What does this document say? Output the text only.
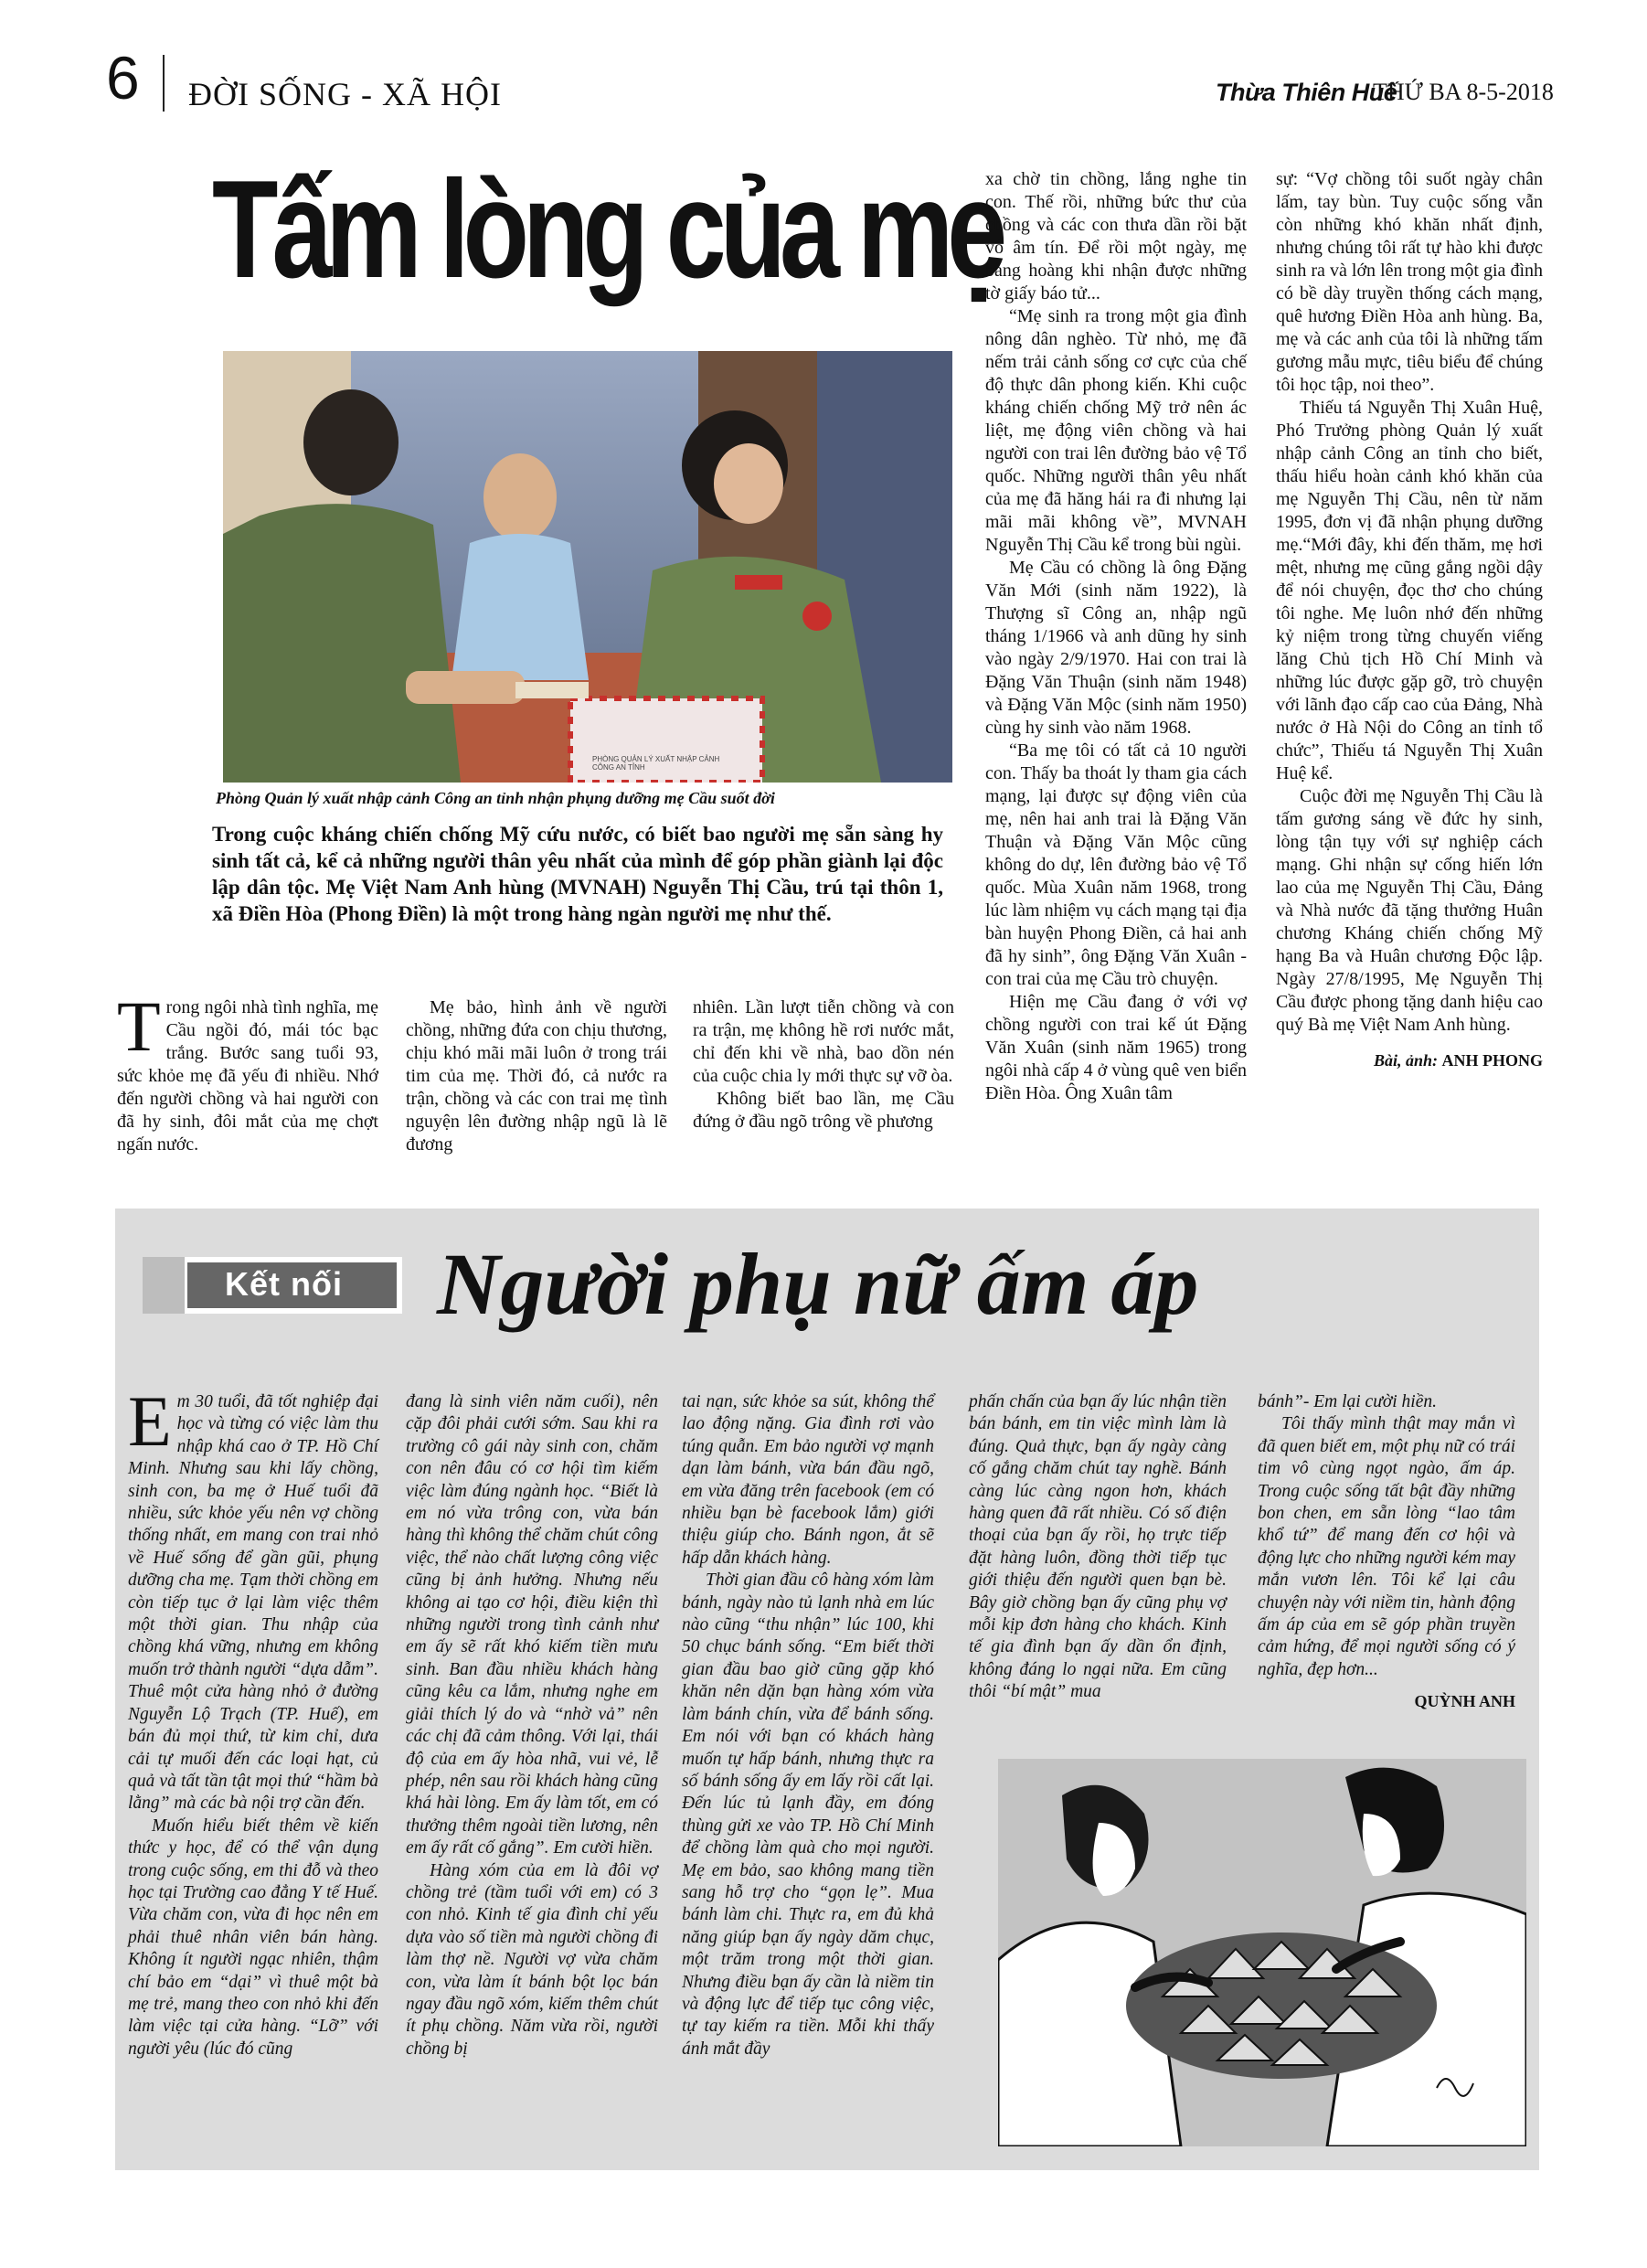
6 ĐỜI SỐNG - XÃ HỘI	Thừa Thiên Huế
THỨ BA 8-5-2018
Tấm lòng của mẹ
PHÒNG QUẢN LÝ XUẤT NHẬP CẢNH CÔNG AN TỈNH
Phòng Quản lý xuất nhập cảnh Công an tỉnh nhận phụng dưỡng mẹ Cầu suốt đời
Trong cuộc kháng chiến chống Mỹ cứu nước, có biết bao người mẹ sẵn sàng hy sinh tất cả, kể cả những người thân yêu nhất của mình để góp phần giành lại độc lập dân tộc. Mẹ Việt Nam Anh hùng (MVNAH) Nguyễn Thị Cầu, trú tại thôn 1, xã Điền Hòa (Phong Điền) là một trong hàng ngàn người mẹ như thế.

Trong ngôi nhà tình nghĩa, mẹ Cầu ngồi đó, mái tóc bạc trắng. Bước sang tuổi 93, sức khỏe mẹ đã yếu đi nhiều. Nhớ đến người chồng và hai người con đã hy sinh, đôi mắt của mẹ chợt ngấn nước.

Mẹ bảo, hình ảnh về người chồng, những đứa con chịu thương, chịu khó mãi mãi luôn ở trong trái tim của mẹ. Thời đó, cả nước ra trận, chồng và các con trai mẹ tình nguyện lên đường nhập ngũ là lẽ đương

nhiên. Lần lượt tiễn chồng và con ra trận, mẹ không hề rơi nước mắt, chỉ đến khi về nhà, bao dồn nén của cuộc chia ly mới thực sự vỡ òa.

Không biết bao lần, mẹ Cầu đứng ở đầu ngõ trông về phương

xa chờ tin chồng, lắng nghe tin con. Thế rồi, những bức thư của chồng và các con thưa dần rồi bặt vô âm tín. Để rồi một ngày, mẹ bàng hoàng khi nhận được những tờ giấy báo tử...

“Mẹ sinh ra trong một gia đình nông dân nghèo. Từ nhỏ, mẹ đã nếm trải cảnh sống cơ cực của chế độ thực dân phong kiến. Khi cuộc kháng chiến chống Mỹ trở nên ác liệt, mẹ động viên chồng và hai người con trai lên đường bảo vệ Tổ quốc. Những người thân yêu nhất của mẹ đã hăng hái ra đi nhưng lại mãi mãi không về”, MVNAH Nguyễn Thị Cầu kể trong bùi ngùi.

Mẹ Cầu có chồng là ông Đặng Văn Mới (sinh năm 1922), là Thượng sĩ Công an, nhập ngũ tháng 1/1966 và anh dũng hy sinh vào ngày 2/9/1970. Hai con trai là Đặng Văn Thuận (sinh năm 1948) và Đặng Văn Mộc (sinh năm 1950) cùng hy sinh vào năm 1968.

“Ba mẹ tôi có tất cả 10 người con. Thấy ba thoát ly tham gia cách mạng, lại được sự động viên của mẹ, nên hai anh trai là Đặng Văn Thuận và Đặng Văn Mộc cũng không do dự, lên đường bảo vệ Tổ quốc. Mùa Xuân năm 1968, trong lúc làm nhiệm vụ cách mạng tại địa bàn huyện Phong Điền, cả hai anh đã hy sinh”, ông Đặng Văn Xuân - con trai của mẹ Cầu trò chuyện.

Hiện mẹ Cầu đang ở với vợ chồng người con trai kế út Đặng Văn Xuân (sinh năm 1965) trong ngôi nhà cấp 4 ở vùng quê ven biển Điền Hòa. Ông Xuân tâm

sự: “Vợ chồng tôi suốt ngày chân lấm, tay bùn. Tuy cuộc sống vẫn còn những khó khăn nhất định, nhưng chúng tôi rất tự hào khi được sinh ra và lớn lên trong một gia đình có bề dày truyền thống cách mạng, quê hương Điền Hòa anh hùng. Ba, mẹ và các anh của tôi là những tấm gương mẫu mực, tiêu biểu để chúng tôi học tập, noi theo”.

Thiếu tá Nguyễn Thị Xuân Huệ, Phó Trưởng phòng Quản lý xuất nhập cảnh Công an tỉnh cho biết, thấu hiểu hoàn cảnh khó khăn của mẹ Nguyễn Thị Cầu, nên từ năm 1995, đơn vị đã nhận phụng dưỡng mẹ.“Mới đây, khi đến thăm, mẹ hơi mệt, nhưng mẹ cũng gắng ngồi dậy để nói chuyện, đọc thơ cho chúng tôi nghe. Mẹ luôn nhớ đến những kỷ niệm trong từng chuyến viếng lăng Chủ tịch Hồ Chí Minh và những lúc được gặp gỡ, trò chuyện với lãnh đạo cấp cao của Đảng, Nhà nước ở Hà Nội do Công an tỉnh tổ chức”, Thiếu tá Nguyễn Thị Xuân Huệ kể.

Cuộc đời mẹ Nguyễn Thị Cầu là tấm gương sáng về đức hy sinh, lòng tận tụy với sự nghiệp cách mạng. Ghi nhận sự cống hiến lớn lao của mẹ Nguyễn Thị Cầu, Đảng và Nhà nước đã tặng thưởng Huân chương Kháng chiến chống Mỹ hạng Ba và Huân chương Độc lập. Ngày 27/8/1995, Mẹ Nguyễn Thị Cầu được phong tặng danh hiệu cao quý Bà mẹ Việt Nam Anh hùng.

Bài, ảnh: ANH PHONG
Kết nối Người phụ nữ ấm áp

Em 30 tuổi, đã tốt nghiệp đại học và từng có việc làm thu nhập khá cao ở TP. Hồ Chí Minh. Nhưng sau khi lấy chồng, sinh con, ba mẹ ở Huế tuổi đã nhiều, sức khỏe yếu nên vợ chồng thống nhất, em mang con trai nhỏ về Huế sống để gần gũi, phụng dưỡng cha mẹ. Tạm thời chồng em còn tiếp tục ở lại làm việc thêm một thời gian. Thu nhập của chồng khá vững, nhưng em không muốn trở thành người “dựa dẫm”. Thuê một cửa hàng nhỏ ở đường Nguyễn Lộ Trạch (TP. Huế), em bán đủ mọi thứ, từ kim chỉ, dưa cải tự muối đến các loại hạt, củ quả và tất tần tật mọi thứ “hầm bà lằng” mà các bà nội trợ cần đến.

Muốn hiểu biết thêm về kiến thức y học, để có thể vận dụng trong cuộc sống, em thi đỗ và theo học tại Trường cao đẳng Y tế Huế. Vừa chăm con, vừa đi học nên em phải thuê nhân viên bán hàng. Không ít người ngạc nhiên, thậm chí bảo em “dại” vì thuê một bà mẹ trẻ, mang theo con nhỏ khi đến làm việc tại cửa hàng. “Lỡ” với người yêu (lúc đó cũng

đang là sinh viên năm cuối), nên cặp đôi phải cưới sớm. Sau khi ra trường cô gái này sinh con, chăm con nên đâu có cơ hội tìm kiếm việc làm đúng ngành học. “Biết là em nó vừa trông con, vừa bán hàng thì không thể chăm chút công việc, thể nào chất lượng công việc cũng bị ảnh hưởng. Nhưng nếu không ai tạo cơ hội, điều kiện thì những người trong tình cảnh như em ấy sẽ rất khó kiếm tiền mưu sinh. Ban đầu nhiều khách hàng cũng kêu ca lắm, nhưng nghe em giải thích lý do và “nhờ vả” nên các chị đã cảm thông. Với lại, thái độ của em ấy hòa nhã, vui vẻ, lễ phép, nên sau rồi khách hàng cũng khá hài lòng. Em ấy làm tốt, em có thưởng thêm ngoài tiền lương, nên em ấy rất cố gắng”. Em cười hiền.

Hàng xóm của em là đôi vợ chồng trẻ (tầm tuổi với em) có 3 con nhỏ. Kinh tế gia đình chỉ yếu dựa vào số tiền mà người chồng đi làm thợ nề. Người vợ vừa chăm con, vừa làm ít bánh bột lọc bán ngay đầu ngõ xóm, kiếm thêm chút ít phụ chồng. Năm vừa rồi, người chồng bị

tai nạn, sức khỏe sa sút, không thể lao động nặng. Gia đình rơi vào túng quẫn. Em bảo người vợ mạnh dạn làm bánh, vừa bán đầu ngõ, em vừa đăng trên facebook (em có nhiều bạn bè facebook lắm) giới thiệu giúp cho. Bánh ngon, ắt sẽ hấp dẫn khách hàng.

Thời gian đầu cô hàng xóm làm bánh, ngày nào tủ lạnh nhà em lúc nào cũng “thu nhận” lúc 100, khi 50 chục bánh sống. “Em biết thời gian đầu bao giờ cũng gặp khó khăn nên dặn bạn hàng xóm vừa làm bánh chín, vừa để bánh sống. Em nói với bạn có khách hàng muốn tự hấp bánh, nhưng thực ra số bánh sống ấy em lấy rồi cất lại. Đến lúc tủ lạnh đầy, em đóng thùng gửi xe vào TP. Hồ Chí Minh để chồng làm quà cho mọi người. Mẹ em bảo, sao không mang tiền sang hỗ trợ cho “gọn lẹ”. Mua bánh làm chi. Thực ra, em đủ khả năng giúp bạn ấy ngày dăm chục, một trăm trong một thời gian. Nhưng điều bạn ấy cần là niềm tin và động lực để tiếp tục công việc, tự tay kiếm ra tiền. Mỗi khi thấy ánh mắt đầy

phấn chấn của bạn ấy lúc nhận tiền bán bánh, em tin việc mình làm là đúng. Quả thực, bạn ấy ngày càng cố gắng chăm chút tay nghề. Bánh càng lúc càng ngon hơn, khách hàng quen đã rất nhiều. Có số điện thoại của bạn ấy rồi, họ trực tiếp đặt hàng luôn, đồng thời tiếp tục giới thiệu đến người quen bạn bè. Bây giờ chồng bạn ấy cũng phụ vợ mỗi kịp đơn hàng cho khách. Kinh tế gia đình bạn ấy dần ổn định, không đáng lo ngại nữa. Em cũng thôi “bí mật” mua

bánh”- Em lại cười hiền.

Tôi thấy mình thật may mắn vì đã quen biết em, một phụ nữ có trái tim vô cùng ngọt ngào, ấm áp. Trong cuộc sống tất bật đầy những bon chen, em sẵn lòng “lao tâm khổ tứ” để mang đến cơ hội và động lực cho những người kém may mắn vươn lên. Tôi kể lại câu chuyện này với niềm tin, hành động ấm áp của em sẽ góp phần truyền cảm hứng, để mọi người sống có ý nghĩa, đẹp hơn...

QUỲNH ANH
